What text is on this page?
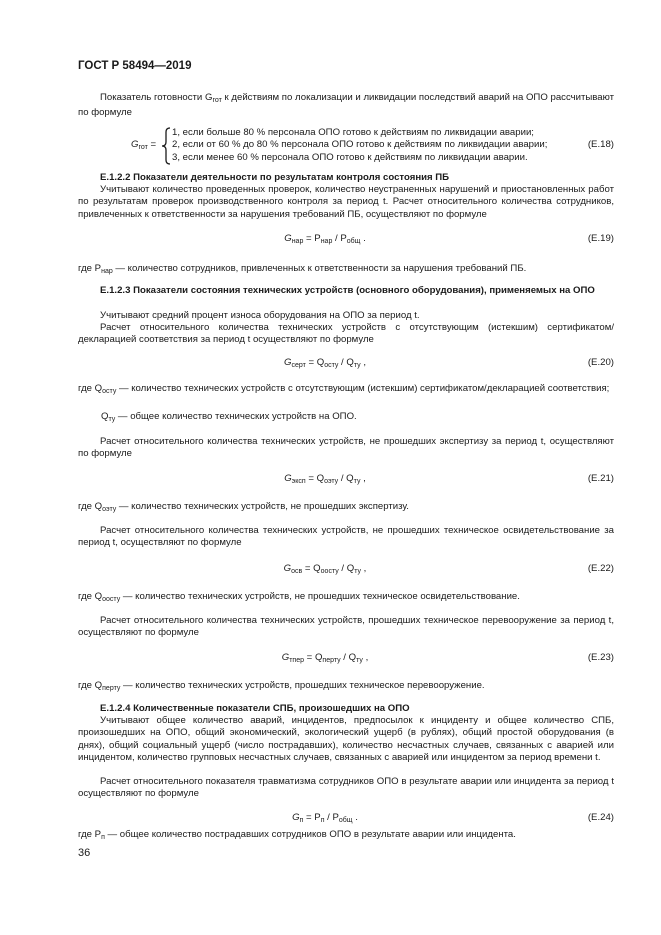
ГОСТ Р 58494—2019
Показатель готовности $G_{гот}$ к действиям по локализации и ликвидации последствий аварий на ОПО рассчитывают по формуле
$G_{гот}$ =
1, если больше 80 % персонала ОПО готово к действиям по ликвидации аварии;
2, если от 60 % до 80 % персонала ОПО готово к действиям по ликвидации аварии;
3, если менее 60 % персонала ОПО готово к действиям по ликвидации аварии.
(Е.18)
Е.1.2.2 Показатели деятельности по результатам контроля состояния ПБ
Учитывают количество проведенных проверок, количество неустраненных нарушений и приостановленных работ по результатам проверок производственного контроля за период t. Расчет относительного количества сотрудников, привлеченных к ответственности за нарушения требований ПБ, осуществляют по формуле
$G_{нар} = P_{нар} / P_{общ}$ .	(Е.19)
где $P_{нар}$ — количество сотрудников, привлеченных к ответственности за нарушения требований ПБ.
Е.1.2.3 Показатели состояния технических устройств (основного оборудования), применяемых на ОПО
Учитывают средний процент износа оборудования на ОПО за период t.
Расчет относительного количества технических устройств с отсутствующим (истекшим) сертификатом/декларацией соответствия за период t осуществляют по формуле
$G_{серт} = Q_{осту} / Q_{ту}$ ,	(Е.20)
где $Q_{осту}$ — количество технических устройств с отсутствующим (истекшим) сертификатом/декларацией соответствия;
$Q_{ту}$ — общее количество технических устройств на ОПО.
Расчет относительного количества технических устройств, не прошедших экспертизу за период t, осуществляют по формуле
$G_{эксп} = Q_{оэту} / Q_{ту}$ ,	(Е.21)
где $Q_{оэту}$ — количество технических устройств, не прошедших экспертизу.
Расчет относительного количества технических устройств, не прошедших техническое освидетельствование за период t, осуществляют по формуле
$G_{осв} = Q_{оосту} / Q_{ту}$ ,	(Е.22)
где $Q_{оосту}$ — количество технических устройств, не прошедших техническое освидетельствование.
Расчет относительного количества технических устройств, прошедших техническое перевооружение за период t, осуществляют по формуле
$G_{тпер} = Q_{перту} / Q_{ту}$ ,	(Е.23)
где $Q_{перту}$ — количество технических устройств, прошедших техническое перевооружение.
Е.1.2.4 Количественные показатели СПБ, произошедших на ОПО
Учитывают общее количество аварий, инцидентов, предпосылок к инциденту и общее количество СПБ, произошедших на ОПО, общий экономический, экологический ущерб (в рублях), общий простой оборудования (в днях), общий социальный ущерб (число пострадавших), количество несчастных случаев, связанных с аварией или инцидентом, количество групповых несчастных случаев, связанных с аварией или инцидентом за период времени t.
Расчет относительного показателя травматизма сотрудников ОПО в результате аварии или инцидента за период t осуществляют по формуле
$G_п = P_п / P_{общ}$ .	(Е.24)
где $P_п$ — общее количество пострадавших сотрудников ОПО в результате аварии или инцидента.
36
